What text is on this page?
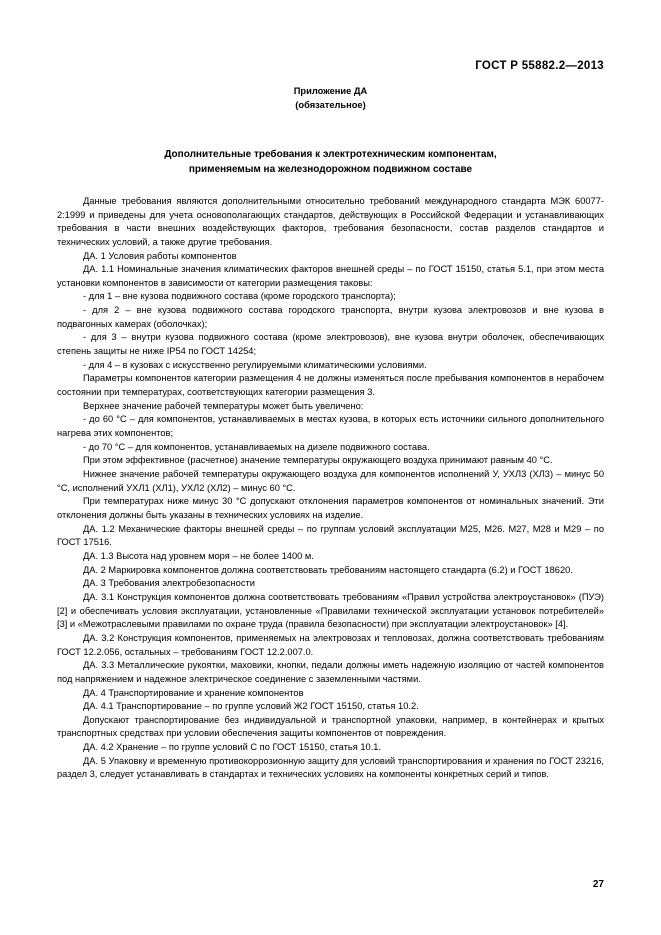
ГОСТ Р 55882.2—2013
Приложение ДА
(обязательное)
Дополнительные требования к электротехническим компонентам,
применяемым на железнодорожном подвижном составе

Данные требования являются дополнительными относительно требований международного стандарта МЭК 60077-2:1999 и приведены для учета основополагающих стандартов, действующих в Российской Федерации и устанавливающих требования в части внешних воздействующих факторов, требования безопасности, состав разделов стандартов и технических условий, а также другие требования.

ДА. 1 Условия работы компонентов

ДА. 1.1 Номинальные значения климатических факторов внешней среды – по ГОСТ 15150, статья 5.1, при этом места установки компонентов в зависимости от категории размещения таковы:

- для 1 – вне кузова подвижного состава (кроме городского транспорта);

- для 2 – вне кузова подвижного состава городского транспорта, внутри кузова электровозов и вне кузова в подвагонных камерах (оболочках);

- для 3 – внутри кузова подвижного состава (кроме электровозов), вне кузова внутри оболочек, обеспечивающих степень защиты не ниже IP54 по ГОСТ 14254;

- для 4 – в кузовах с искусственно регулируемыми климатическими условиями.

Параметры компонентов категории размещения 4 не должны изменяться после пребывания компонентов в нерабочем состоянии при температурах, соответствующих категории размещения 3.

Верхнее значение рабочей температуры может быть увеличено:

- до 60 °С – для компонентов, устанавливаемых в местах кузова, в которых есть источники сильного дополнительного нагрева этих компонентов;

- до 70 °С – для компонентов, устанавливаемых на дизеле подвижного состава.

При этом эффективное (расчетное) значение температуры окружающего воздуха принимают равным 40 °С.

Нижнее значение рабочей температуры окружающего воздуха для компонентов исполнений У, УХЛ3 (ХЛ3) – минус 50 °С, исполнений УХЛ1 (ХЛ1), УХЛ2 (ХЛ2) – минус 60 °С.

При температурах ниже минус 30 °С допускают отклонения параметров компонентов от номинальных значений. Эти отклонения должны быть указаны в технических условиях на изделие.

ДА. 1.2 Механические факторы внешней среды – по группам условий эксплуатации М25, М26. М27, М28 и М29 – по ГОСТ 17516.

ДА. 1.3 Высота над уровнем моря – не более 1400 м.

ДА. 2 Маркировка компонентов должна соответствовать требованиям настоящего стандарта (6.2) и ГОСТ 18620.

ДА. 3 Требования электробезопасности

ДА. 3.1 Конструкция компонентов должна соответствовать требованиям «Правил устройства электроустановок» (ПУЭ) [2] и обеспечивать условия эксплуатации, установленные «Правилами технической эксплуатации установок потребителей» [3] и «Межотраслевыми правилами по охране труда (правила безопасности) при эксплуатации электроустановок» [4].

ДА. 3.2 Конструкция компонентов, применяемых на электровозах и тепловозах, должна соответствовать требованиям ГОСТ 12.2.056, остальных – требованиям ГОСТ 12.2.007.0.

ДА. 3.3 Металлические рукоятки, маховики, кнопки, педали должны иметь надежную изоляцию от частей компонентов под напряжением и надежное электрическое соединение с заземленными частями.

ДА. 4 Транспортирование и хранение компонентов

ДА. 4.1 Транспортирование – по группе условий Ж2 ГОСТ 15150, статья 10.2.

Допускают транспортирование без индивидуальной и транспортной упаковки, например, в контейнерах и крытых транспортных средствах при условии обеспечения защиты компонентов от повреждения.

ДА. 4.2 Хранение – по группе условий С по ГОСТ 15150, статья 10.1.

ДА. 5 Упаковку и временную противокоррозионную защиту для условий транспортирования и хранения по ГОСТ 23216, раздел 3, следует устанавливать в стандартах и технических условиях на компоненты конкретных серий и типов.

27
